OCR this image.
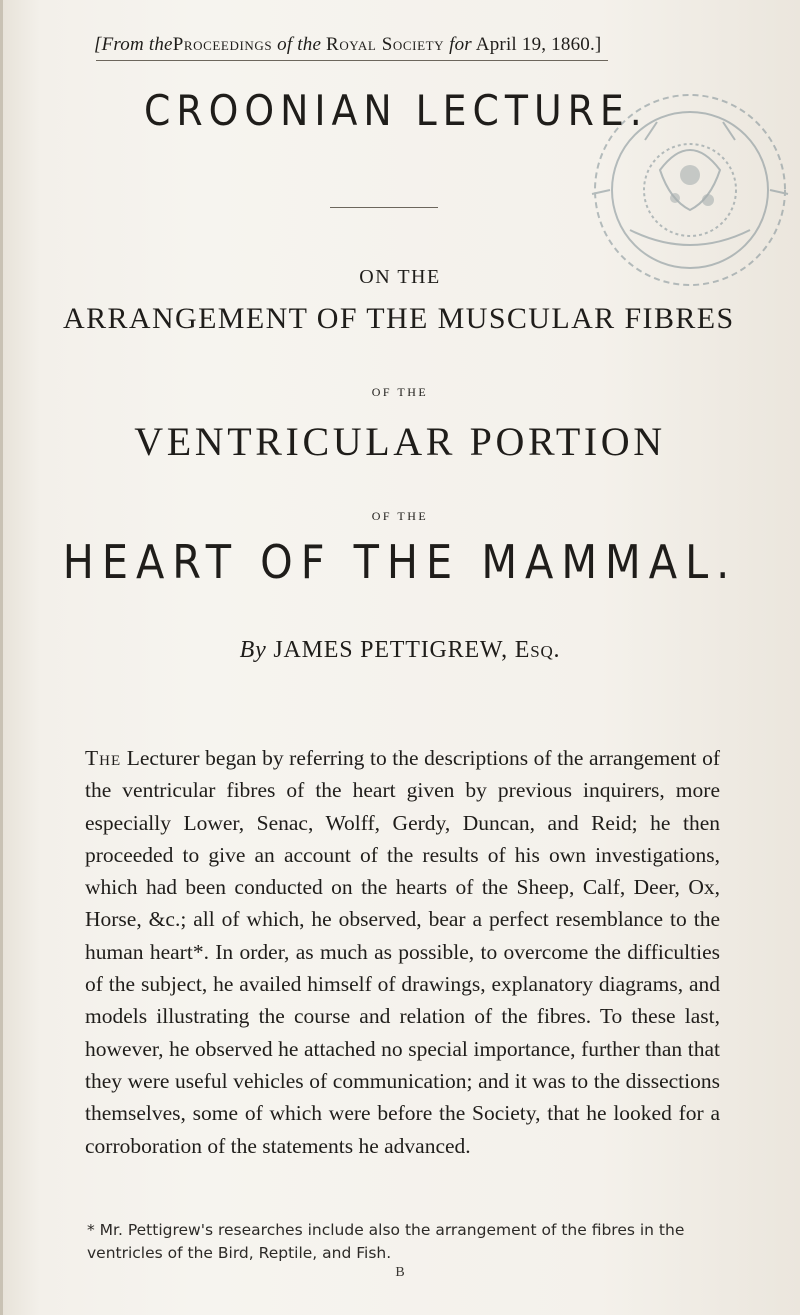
[From theProceedings of the Royal Society for April 19, 1860.]
CROONIAN LECTURE.
ON THE
ARRANGEMENT OF THE MUSCULAR FIBRES
OF THE
VENTRICULAR PORTION
OF THE
HEART OF THE MAMMAL.
By JAMES PETTIGREW, Esq.
The Lecturer began by referring to the descriptions of the arrangement of the ventricular fibres of the heart given by previous inquirers, more especially Lower, Senac, Wolff, Gerdy, Duncan, and Reid; he then proceeded to give an account of the results of his own investigations, which had been conducted on the hearts of the Sheep, Calf, Deer, Ox, Horse, &c.; all of which, he observed, bear a perfect resemblance to the human heart*. In order, as much as possible, to overcome the difficulties of the subject, he availed himself of drawings, explanatory diagrams, and models illustrating the course and relation of the fibres. To these last, however, he observed he attached no special importance, further than that they were useful vehicles of communication; and it was to the dissections themselves, some of which were before the Society, that he looked for a corroboration of the statements he advanced.
* Mr. Pettigrew's researches include also the arrangement of the fibres in the ventricles of the Bird, Reptile, and Fish.
B
